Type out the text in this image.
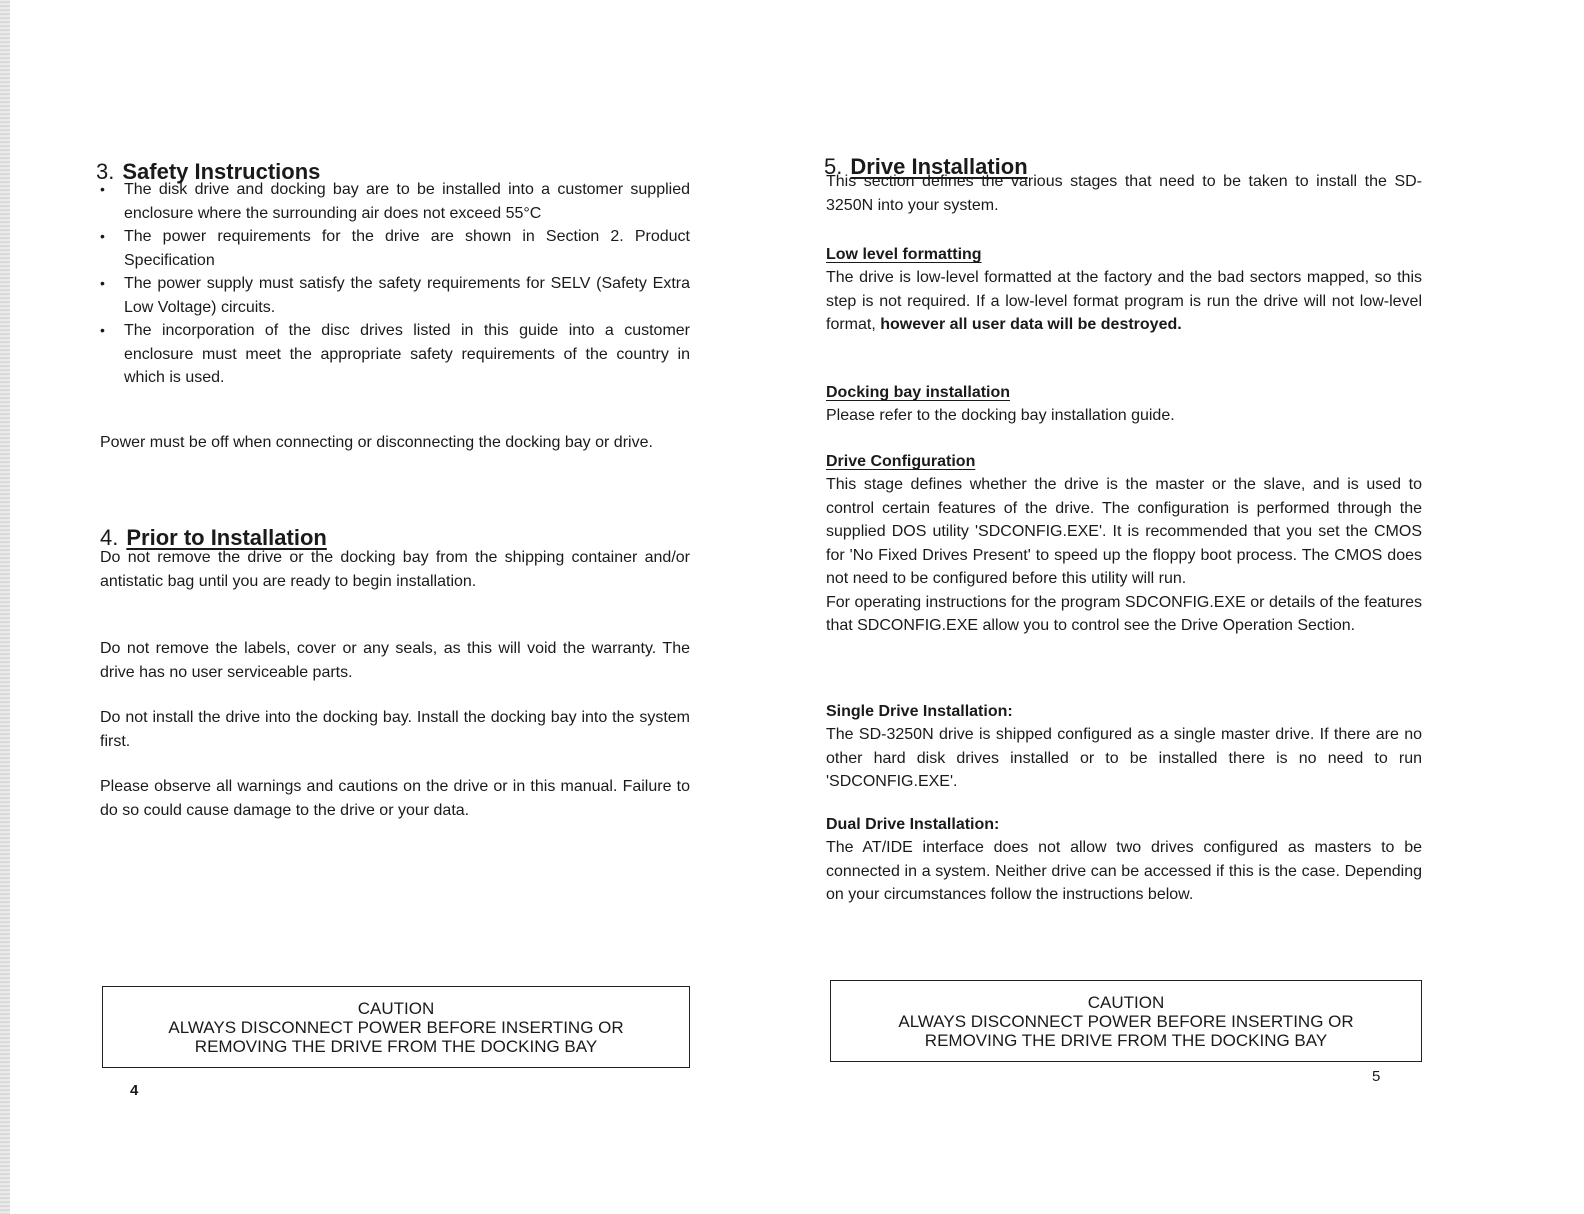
3. Safety Instructions
• The disk drive and docking bay are to be installed into a customer supplied enclosure where the surrounding air does not exceed 55°C
• The power requirements for the drive are shown in Section 2. Product Specification
• The power supply must satisfy the safety requirements for SELV (Safety Extra Low Voltage) circuits.
• The incorporation of the disc drives listed in this guide into a customer enclosure must meet the appropriate safety requirements of the country in which is used.

Power must be off when connecting or disconnecting the docking bay or drive.

4. Prior to Installation

Do not remove the drive or the docking bay from the shipping container and/or antistatic bag until you are ready to begin installation.

Do not remove the labels, cover or any seals, as this will void the warranty. The drive has no user serviceable parts.

Do not install the drive into the docking bay. Install the docking bay into the system first.

Please observe all warnings and cautions on the drive or in this manual. Failure to do so could cause damage to the drive or your data.

CAUTION
ALWAYS DISCONNECT POWER BEFORE INSERTING OR
REMOVING THE DRIVE FROM THE DOCKING BAY
4
5. Drive Installation

This section defines the various stages that need to be taken to install the SD-3250N into your system.

Low level formatting
The drive is low-level formatted at the factory and the bad sectors mapped, so this step is not required. If a low-level format program is run the drive will not low-level format, however all user data will be destroyed.
Docking bay installation
Please refer to the docking bay installation guide.
Drive Configuration
This stage defines whether the drive is the master or the slave, and is used to control certain features of the drive. The configuration is performed through the supplied DOS utility 'SDCONFIG.EXE'. It is recommended that you set the CMOS for 'No Fixed Drives Present' to speed up the floppy boot process. The CMOS does not need to be configured before this utility will run.
For operating instructions for the program SDCONFIG.EXE or details of the features that SDCONFIG.EXE allow you to control see the Drive Operation Section.
Single Drive Installation:
The SD-3250N drive is shipped configured as a single master drive. If there are no other hard disk drives installed or to be installed there is no need to run 'SDCONFIG.EXE'.
Dual Drive Installation:
The AT/IDE interface does not allow two drives configured as masters to be connected in a system. Neither drive can be accessed if this is the case. Depending on your circumstances follow the instructions below.
CAUTION
ALWAYS DISCONNECT POWER BEFORE INSERTING OR
REMOVING THE DRIVE FROM THE DOCKING BAY
5
